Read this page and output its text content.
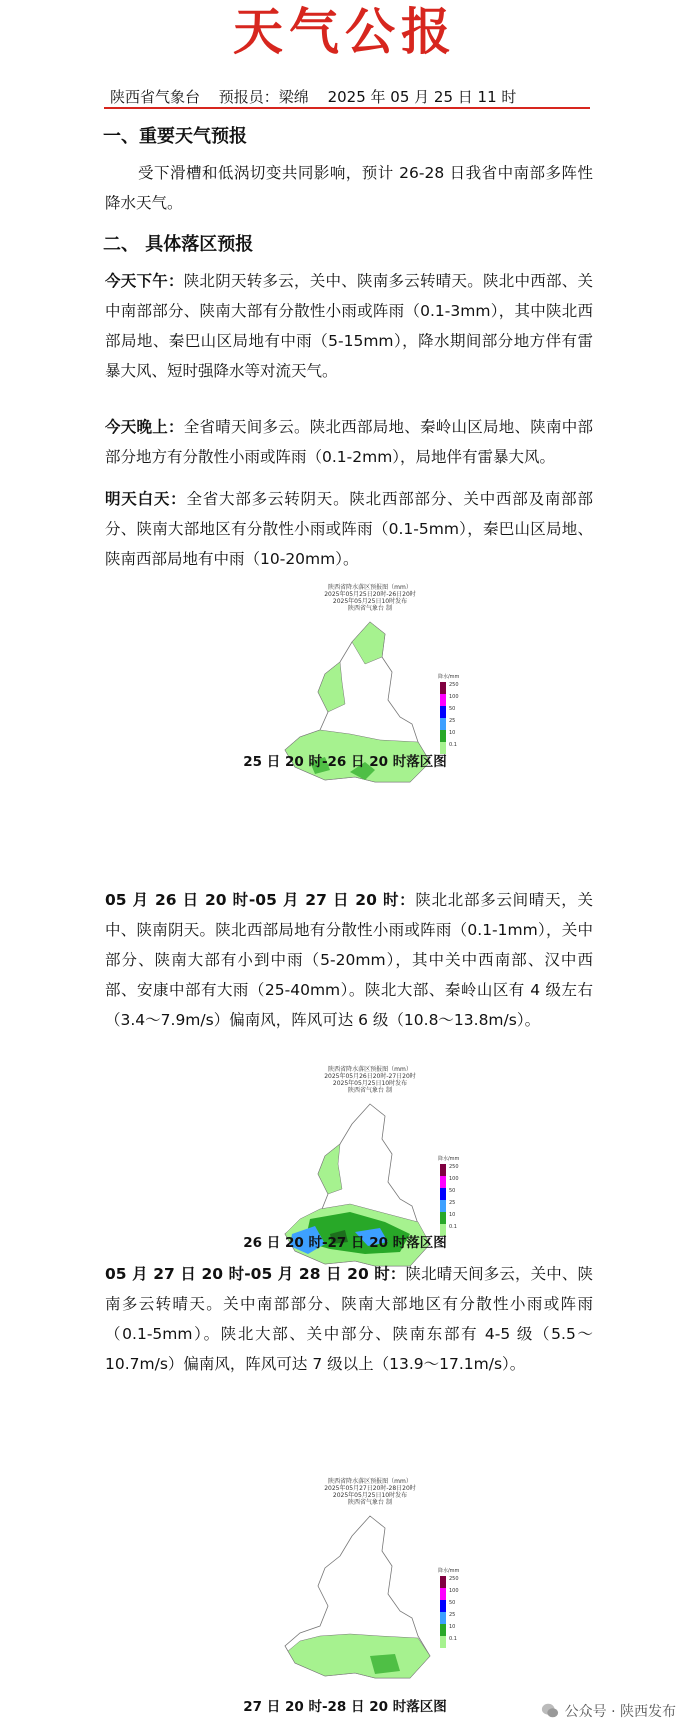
天气公报
陕西省气象台 预报员：梁绵 2025 年 05 月 25 日 11 时
一、重要天气预报
受下滑槽和低涡切变共同影响，预计 26-28 日我省中南部多阵性降水天气。
二、 具体落区预报
今天下午：陕北阴天转多云，关中、陕南多云转晴天。陕北中西部、关中南部部分、陕南大部有分散性小雨或阵雨（0.1-3mm），其中陕北西部局地、秦巴山区局地有中雨（5-15mm），降水期间部分地方伴有雷暴大风、短时强降水等对流天气。
今天晚上：全省晴天间多云。陕北西部局地、秦岭山区局地、陕南中部部分地方有分散性小雨或阵雨（0.1-2mm），局地伴有雷暴大风。
明天白天：全省大部多云转阴天。陕北西部部分、关中西部及南部部分、陕南大部地区有分散性小雨或阵雨（0.1-5mm），秦巴山区局地、陕南西部局地有中雨（10-20mm）。
陕西省降水落区预报图（mm）
2025年05月25日20时-26日20时
2025年05月25日10时发布
陕西省气象台 制
降水/mm
250
100
50
25
10
0.1
25 日 20 时-26 日 20 时落区图
05 月 26 日 20 时-05 月 27 日 20 时：陕北北部多云间晴天，关中、陕南阴天。陕北西部局地有分散性小雨或阵雨（0.1-1mm），关中部分、陕南大部有小到中雨（5-20mm），其中关中西南部、汉中西部、安康中部有大雨（25-40mm）。陕北大部、秦岭山区有 4 级左右（3.4～7.9m/s）偏南风，阵风可达 6 级（10.8～13.8m/s）。
陕西省降水落区预报图（mm）
2025年05月26日20时-27日20时
2025年05月25日10时发布
陕西省气象台 制
降水/mm
250
100
50
25
10
0.1
26 日 20 时-27 日 20 时落区图
05 月 27 日 20 时-05 月 28 日 20 时：陕北晴天间多云，关中、陕南多云转晴天。关中南部部分、陕南大部地区有分散性小雨或阵雨（0.1-5mm）。陕北大部、关中部分、陕南东部有 4-5 级（5.5～10.7m/s）偏南风，阵风可达 7 级以上（13.9～17.1m/s）。
陕西省降水落区预报图（mm）
2025年05月27日20时-28日20时
2025年05月25日10时发布
陕西省气象台 制
降水/mm
250
100
50
25
10
0.1
27 日 20 时-28 日 20 时落区图	公众号 · 陕西发布
